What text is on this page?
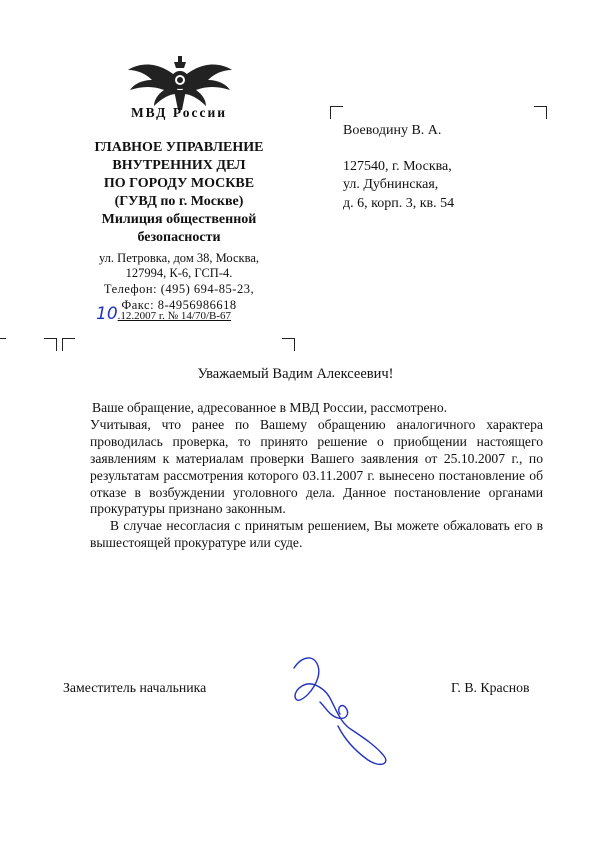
МВД России
ГЛАВНОЕ УПРАВЛЕНИЕ
ВНУТРЕННИХ ДЕЛ
ПО ГОРОДУ МОСКВЕ
(ГУВД по г. Москве)
Милиция общественной
безопасности
ул. Петровка, дом 38, Москва,
127994, К-6, ГСП-4.
Телефон: (495) 694-85-23,
Факс: 8-4956986618
10.12.2007 г. № 14/70/В-67
Воеводину В. А.
127540, г. Москва,
ул. Дубнинская,
д. 6, корп. 3, кв. 54
Уважаемый Вадим Алексеевич!

Ваше обращение, адресованное в МВД России, рассмотрено.

Учитывая, что ранее по Вашему обращению аналогичного характера проводилась проверка, то принято решение о приобщении настоящего заявлениям к материалам проверки Вашего заявления от 25.10.2007 г., по результатам рассмотрения которого 03.11.2007 г. вынесено постановление об отказе в возбуждении уголовного дела. Данное постановление органами прокуратуры признано законным.

В случае несогласия с принятым решением, Вы можете обжаловать его в вышестоящей прокуратуре или суде.

Заместитель начальника	Г. В. Краснов
